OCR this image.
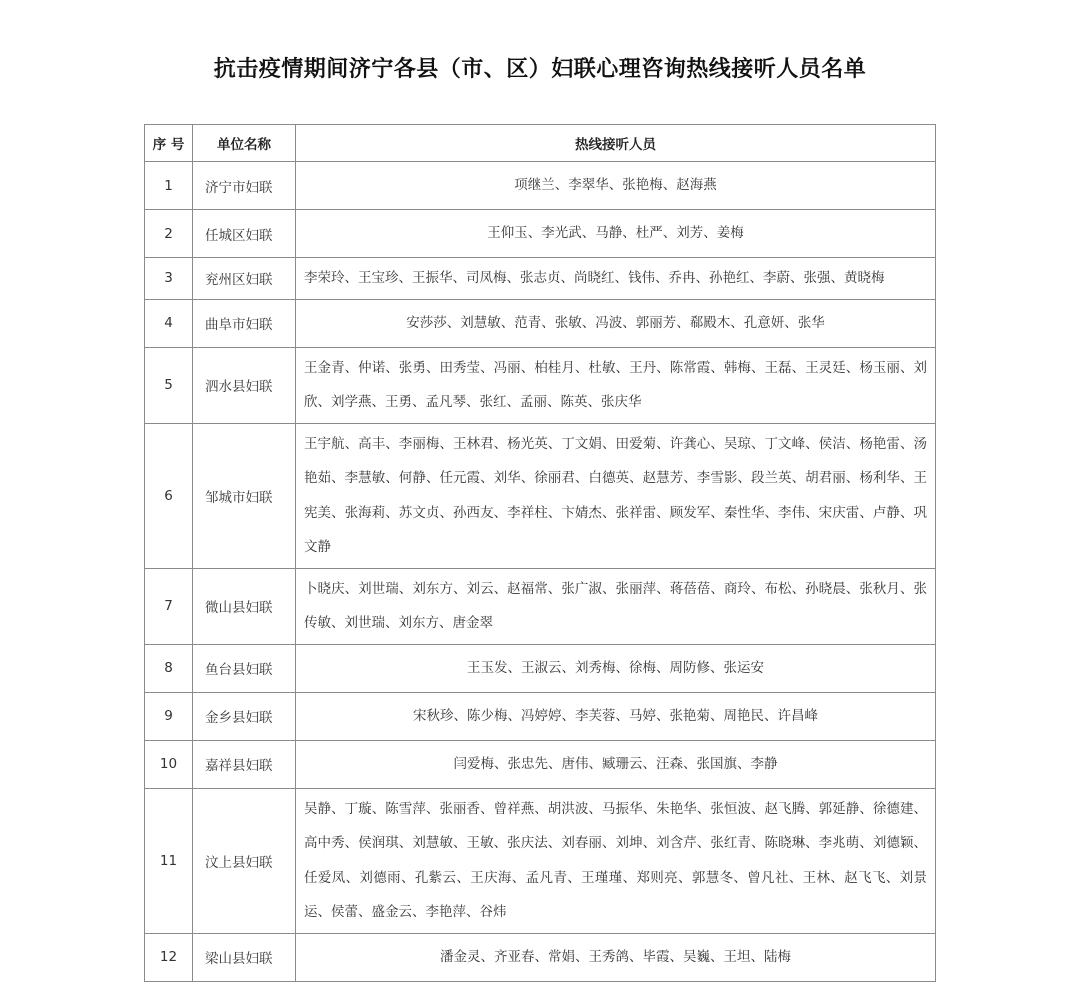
抗击疫情期间济宁各县（市、区）妇联心理咨询热线接听人员名单
序 号	单位名称	热线接听人员
1	济宁市妇联	项继兰、李翠华、张艳梅、赵海燕
2	任城区妇联	王仰玉、李光武、马静、杜严、刘芳、姜梅
3	兖州区妇联	李荣玲、王宝珍、王振华、司凤梅、张志贞、尚晓红、钱伟、乔冉、孙艳红、李蔚、张强、黄晓梅

4	曲阜市妇联	安莎莎、刘慧敏、范青、张敏、冯波、郭丽芳、郗殿木、孔意妍、张华
5	泗水县妇联	王金青、仲诺、张勇、田秀莹、冯丽、柏桂月、杜敏、王丹、陈常霞、韩梅、王磊、王灵廷、杨玉丽、刘欣、刘学燕、王勇、孟凡琴、张红、孟丽、陈英、张庆华

6	邹城市妇联	王宇航、高丰、李丽梅、王林君、杨光英、丁文娟、田爱菊、许龚心、吴琼、丁文峰、侯洁、杨艳雷、汤艳茹、李慧敏、何静、任元霞、刘华、徐丽君、白德英、赵慧芳、李雪影、段兰英、胡君丽、杨利华、王宪美、张海莉、苏文贞、孙西友、李祥柱、卞婧杰、张祥雷、顾发军、秦性华、李伟、宋庆雷、卢静、巩文静

7	微山县妇联	卜晓庆、刘世瑞、刘东方、刘云、赵福常、张广淑、张丽萍、蒋蓓蓓、商玲、布松、孙晓晨、张秋月、张传敏、刘世瑞、刘东方、唐金翠

8	鱼台县妇联	王玉发、王淑云、刘秀梅、徐梅、周防修、张运安
9	金乡县妇联	宋秋珍、陈少梅、冯婷婷、李芙蓉、马婷、张艳菊、周艳民、许昌峰
10	嘉祥县妇联	闫爱梅、张忠先、唐伟、臧珊云、汪森、张国旗、李静
11	汶上县妇联	吴静、丁璇、陈雪萍、张丽香、曾祥燕、胡洪波、马振华、朱艳华、张恒波、赵飞腾、郭延静、徐德建、高中秀、侯润琪、刘慧敏、王敏、张庆法、刘春丽、刘坤、刘含芹、张红青、陈晓琳、李兆萌、刘德颖、任爱凤、刘德雨、孔紫云、王庆海、孟凡青、王瑾瑾、郑则亮、郭慧冬、曾凡社、王林、赵飞飞、刘景运、侯蕾、盛金云、李艳萍、谷炜

12	梁山县妇联	潘金灵、齐亚春、常娟、王秀鸽、毕霞、吴巍、王坦、陆梅
